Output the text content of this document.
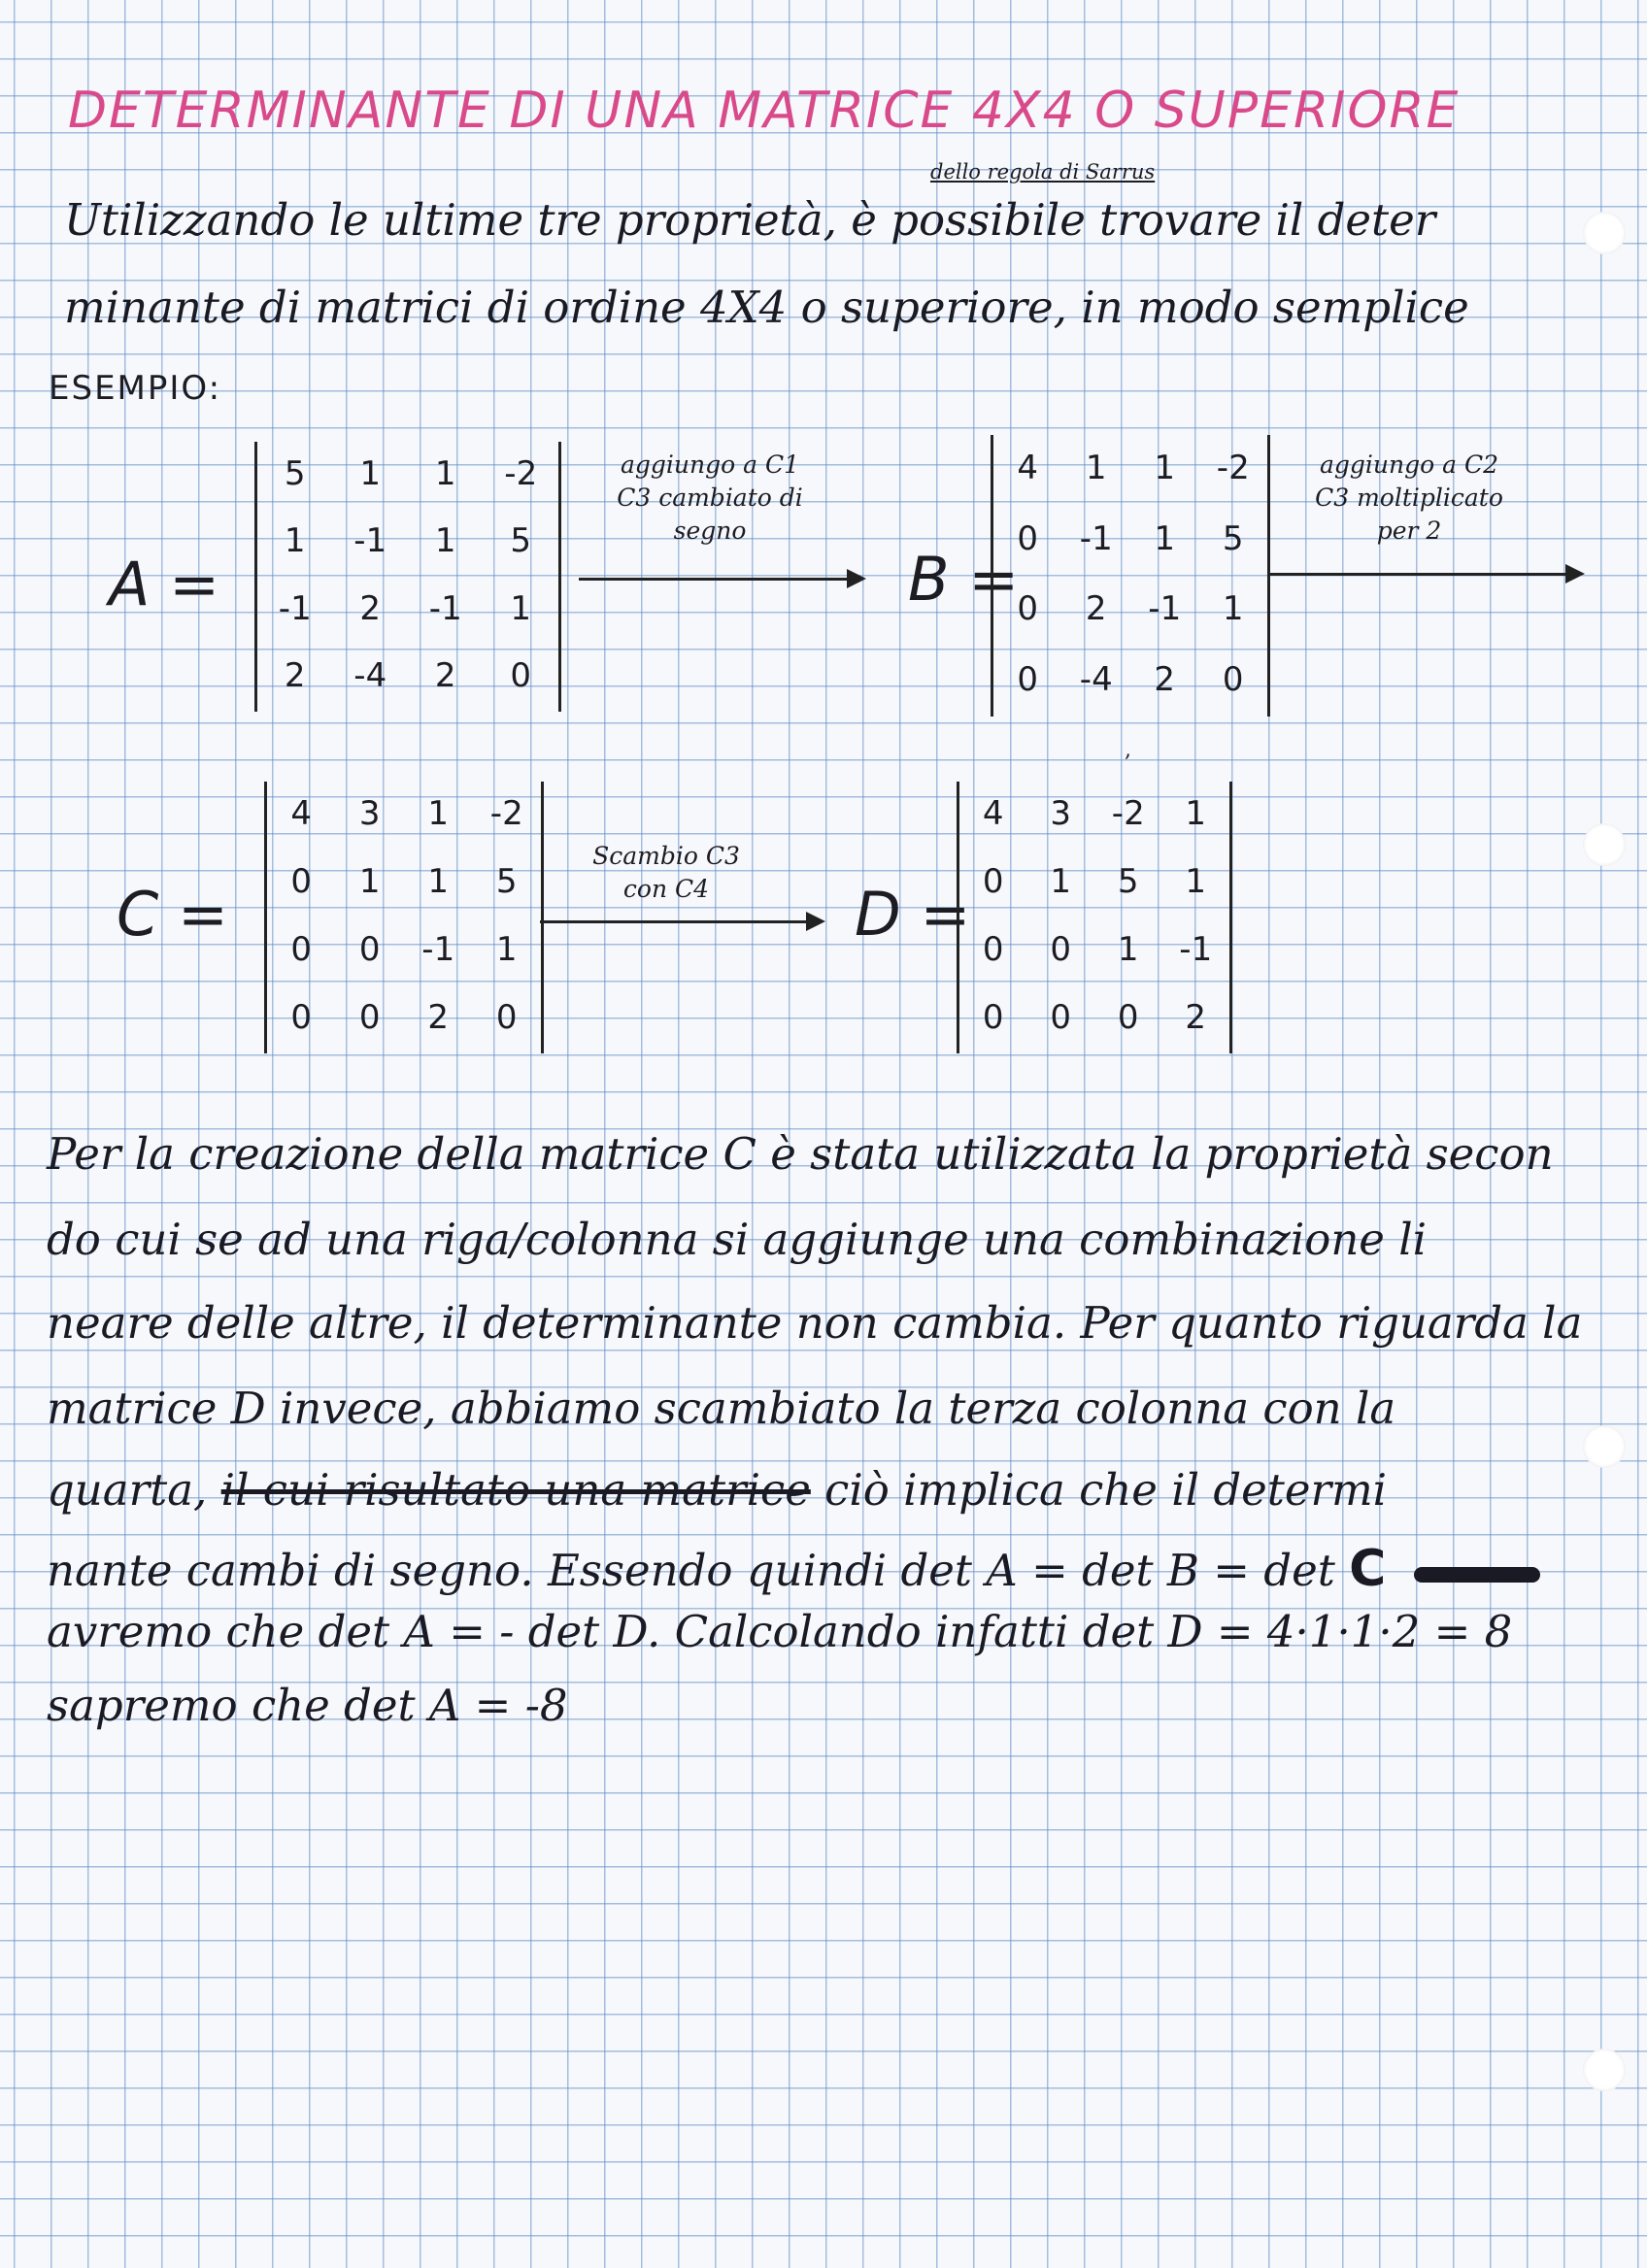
DETERMINANTE DI UNA MATRICE 4X4 O SUPERIORE
dello regola di Sarrus
Utilizzando le ultime tre proprietà, è possibile trovare il deter
minante di matrici di ordine 4X4 o superiore, in modo semplice
ESEMPIO:
A =
5	1	1	-2
1	-1	1	5
-1	2	-1	1
2	-4	2	0
aggiungo a C1
C3 cambiato di
segno
B =
4	1	1	-2
0	-1	1	5
0	2	-1	1
0	-4	2	0
aggiungo a C2
C3 moltiplicato
per 2
,
C =
4	3	1	-2
0	1	1	5
0	0	-1	1
0	0	2	0
Scambio C3
con C4	D =
4	3	-2	1
0	1	5	1
0	0	1	-1
0	0	0	2
Per la creazione della matrice C è stata utilizzata la proprietà secon
do cui se ad una riga/colonna si aggiunge una combinazione li
neare delle altre, il determinante non cambia. Per quanto riguarda la
matrice D invece, abbiamo scambiato la terza colonna con la
quarta, il cui risultato una matrice ciò implica che il determi
nante cambi di segno. Essendo quindi det A = det B = det C
avremo che det A = - det D. Calcolando infatti det D = 4·1·1·2 = 8
sapremo che det A = -8
